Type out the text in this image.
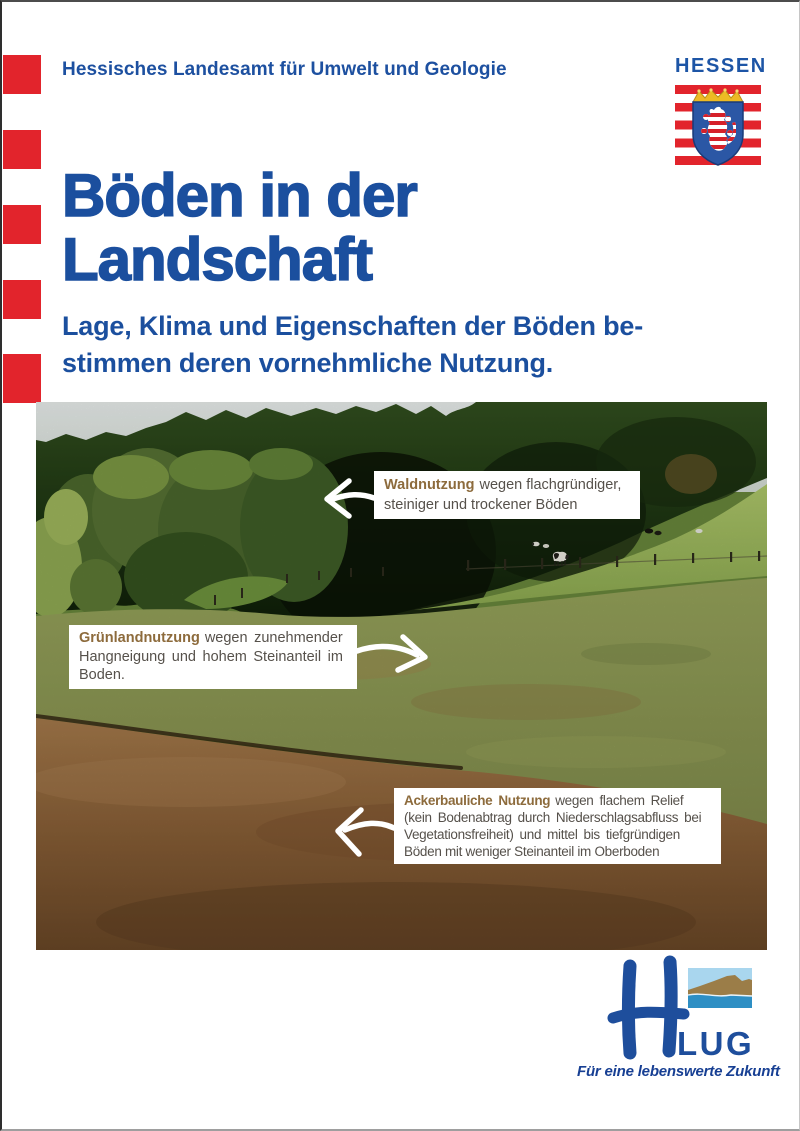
Hessisches Landesamt für Umwelt und Geologie	HESSEN
Böden in der
Landschaft
Lage, Klima und Eigenschaften der Böden be-
stimmen deren vornehmliche Nutzung.
Waldnutzung wegen flachgründiger,
steiniger und trockener Böden
Grünlandnutzung wegen zunehmender
Hangneigung und hohem Steinanteil im
Boden.
Ackerbauliche Nutzung wegen flachem Relief
(kein Bodenabtrag durch Niederschlagsabfluss bei
Vegetationsfreiheit) und mittel bis tiefgründigen
Böden mit weniger Steinanteil im Oberboden
LUG
Für eine lebenswerte Zukunft
